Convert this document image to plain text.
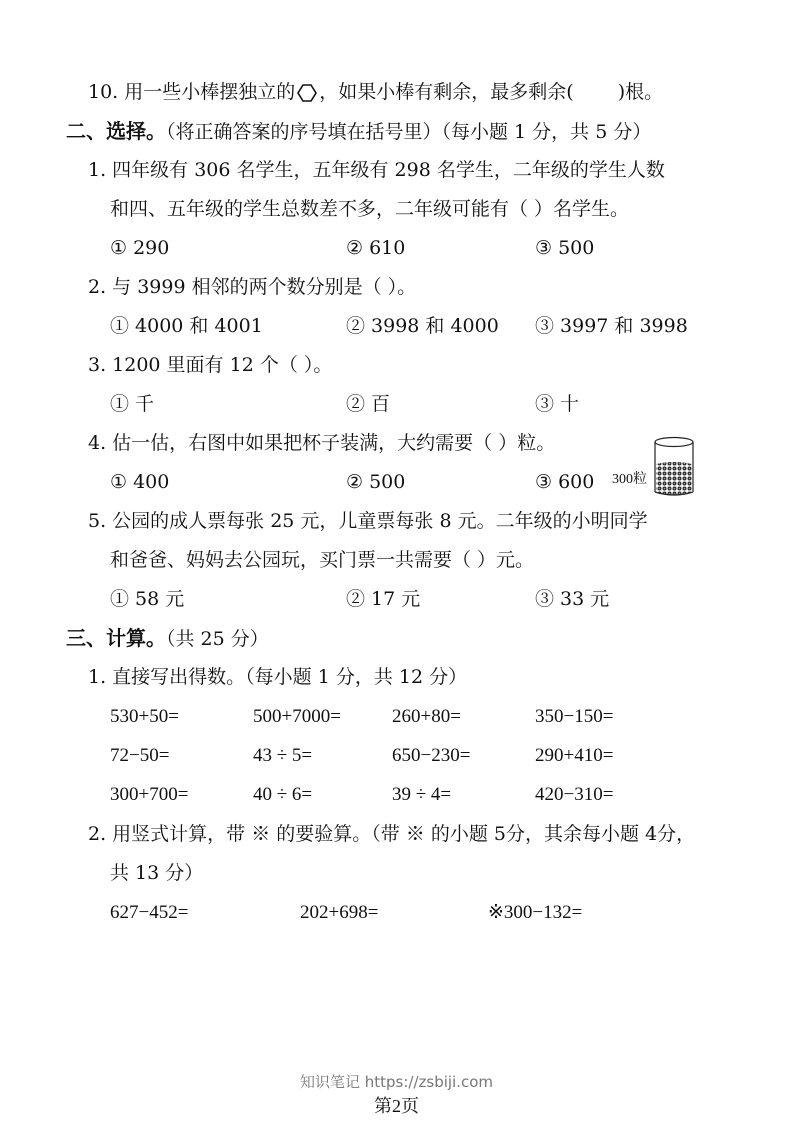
10. 用一些小棒摆独立的 ，如果小棒有剩余，最多剩余( )根。
二、选择。（将正确答案的序号填在括号里）（每小题 1 分，共 5 分）
1. 四年级有 306 名学生，五年级有 298 名学生，二年级的学生人数
和四、五年级的学生总数差不多，二年级可能有（ ）名学生。
① 290	② 610	③ 500
2. 与 3999 相邻的两个数分别是（ ）。
① 4000 和 4001	② 3998 和 4000 ③ 3997 和 3998
3. 1200 里面有 12 个（ ）。
① 千	② 百	③ 十
4. 估一估，右图中如果把杯子装满，大约需要（ ）粒。
① 400	② 500	③ 600 300粒
5. 公园的成人票每张 25 元，儿童票每张 8 元。二年级的小明同学
和爸爸、妈妈去公园玩，买门票一共需要（ ）元。
① 58 元	② 17 元	③ 33 元
三、计算。（共 25 分）
1. 直接写出得数。（每小题 1 分，共 12 分）
530+50=	500+7000=	260+80=	350−150=
72−50=	43 ÷ 5=	650−230=	290+410=
300+700=	40 ÷ 6=	39 ÷ 4=	420−310=
2. 用竖式计算，带 ※ 的要验算。（带 ※ 的小题 5分，其余每小题 4分，
共 13 分）
627−452=	202+698=	※300−132=
知识笔记 https://zsbiji.com
第2页
